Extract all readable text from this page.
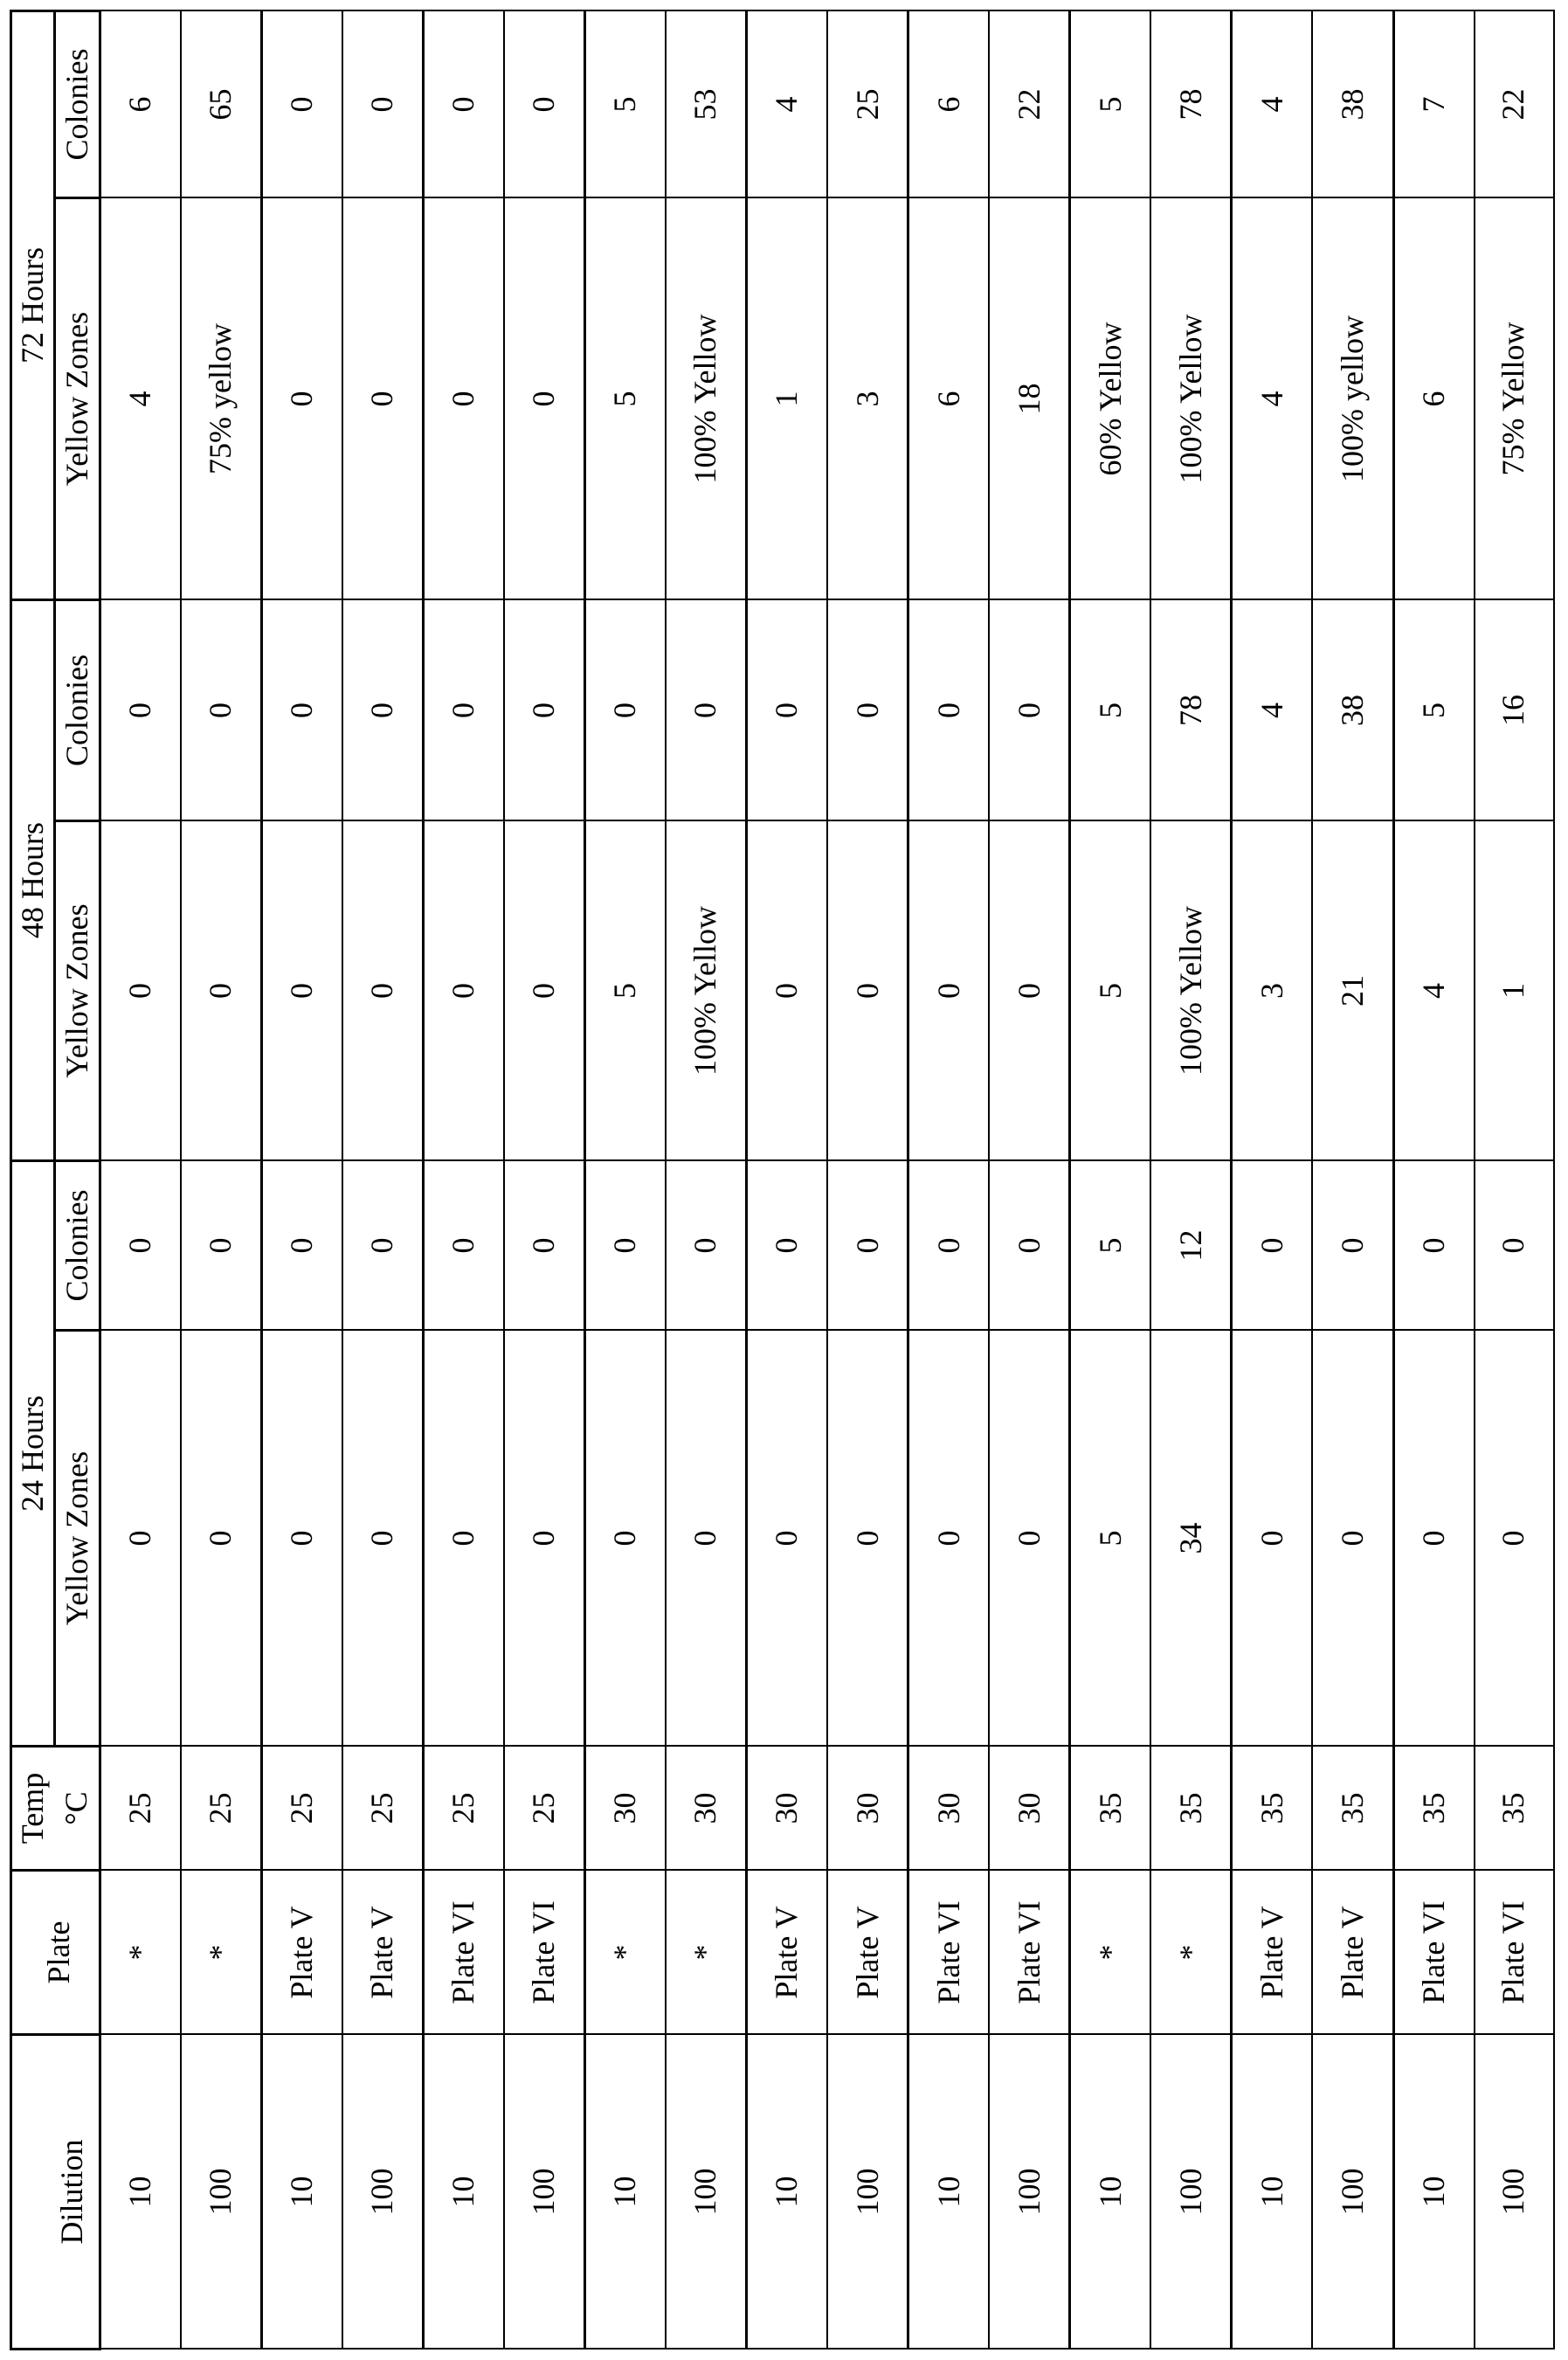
Dilution	Plate	Temp	24 Hours		48 Hours		72 Hours	
		°C	Yellow Zones	Colonies	Yellow Zones	Colonies	Yellow Zones	Colonies
10	*	25	0	0	0	0	4	6
100	*	25	0	0	0	0	75% yellow	65
10	Plate V	25	0	0	0	0	0	0
100	Plate V	25	0	0	0	0	0	0
10	Plate VI	25	0	0	0	0	0	0
100	Plate VI	25	0	0	0	0	0	0
10	*	30	0	0	5	0	5	5
100	*	30	0	0	100% Yellow	0	100% Yellow	53
10	Plate V	30	0	0	0	0	1	4
100	Plate V	30	0	0	0	0	3	25
10	Plate VI	30	0	0	0	0	6	6
100	Plate VI	30	0	0	0	0	18	22
10	*	35	5	5	5	5	60% Yellow	5
100	*	35	34	12	100% Yellow	78	100% Yellow	78
10	Plate V	35	0	0	3	4	4	4
100	Plate V	35	0	0	21	38	100% yellow	38
10	Plate VI	35	0	0	4	5	6	7
100	Plate VI	35	0	0	1	16	75% Yellow	22
